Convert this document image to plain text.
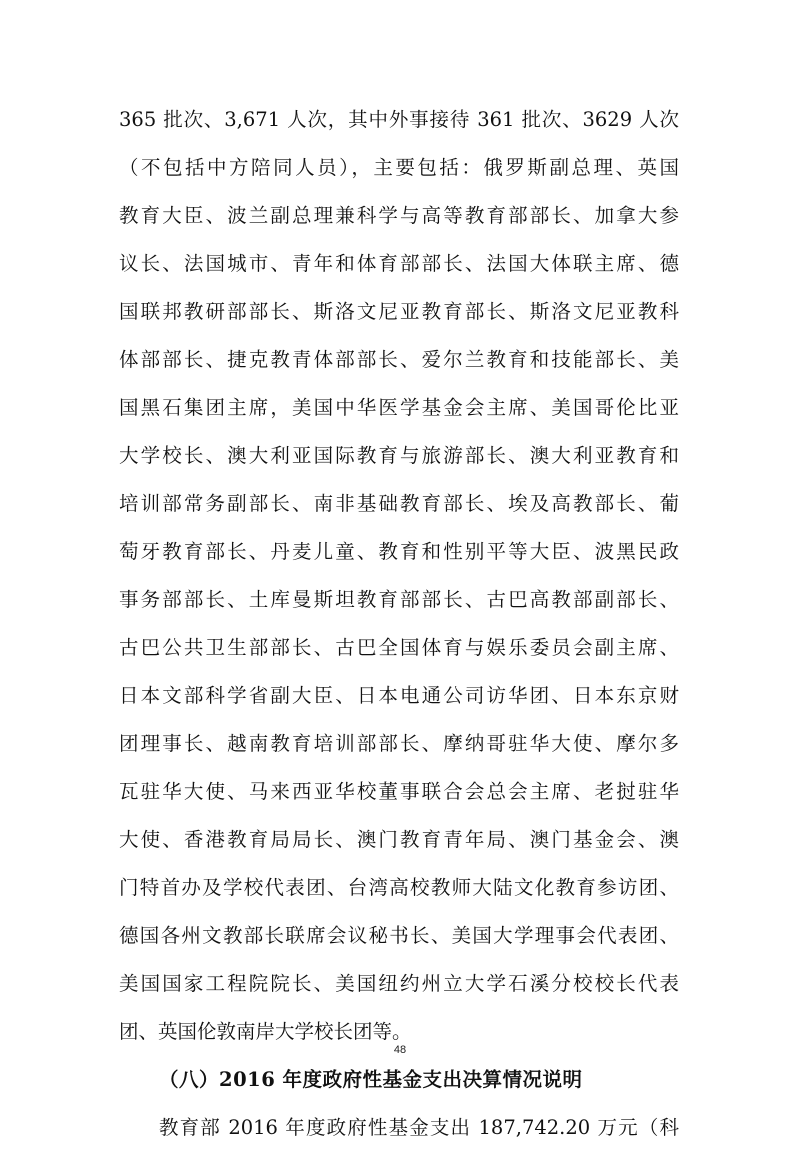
365 批次、3,671 人次，其中外事接待 361 批次、3629 人次
（不包括中方陪同人员），主要包括：俄罗斯副总理、英国
教育大臣、波兰副总理兼科学与高等教育部部长、加拿大参
议长、法国城市、青年和体育部部长、法国大体联主席、德
国联邦教研部部长、斯洛文尼亚教育部长、斯洛文尼亚教科
体部部长、捷克教青体部部长、爱尔兰教育和技能部长、美
国黑石集团主席，美国中华医学基金会主席、美国哥伦比亚
大学校长、澳大利亚国际教育与旅游部长、澳大利亚教育和
培训部常务副部长、南非基础教育部长、埃及高教部长、葡
萄牙教育部长、丹麦儿童、教育和性别平等大臣、波黑民政
事务部部长、土库曼斯坦教育部部长、古巴高教部副部长、
古巴公共卫生部部长、古巴全国体育与娱乐委员会副主席、
日本文部科学省副大臣、日本电通公司访华团、日本东京财
团理事长、越南教育培训部部长、摩纳哥驻华大使、摩尔多
瓦驻华大使、马来西亚华校董事联合会总会主席、老挝驻华
大使、香港教育局局长、澳门教育青年局、澳门基金会、澳
门特首办及学校代表团、台湾高校教师大陆文化教育参访团、
德国各州文教部长联席会议秘书长、美国大学理事会代表团、
美国国家工程院院长、美国纽约州立大学石溪分校校长代表
团、英国伦敦南岸大学校长团等。
（八）2016 年度政府性基金支出决算情况说明
教育部 2016 年度政府性基金支出 187,742.20 万元（科
48
